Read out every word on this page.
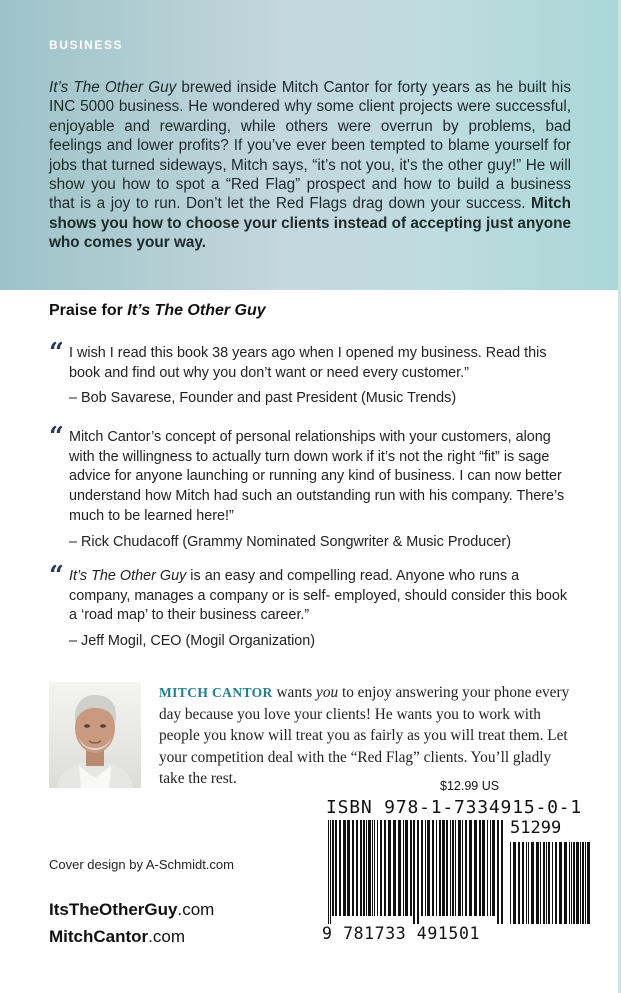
BUSINESS

It’s The Other Guy brewed inside Mitch Cantor for forty years as he built his INC 5000 business. He wondered why some client projects were successful, enjoyable and rewarding, while others were overrun by problems, bad feelings and lower profits? If you’ve ever been tempted to blame yourself for jobs that turned sideways, Mitch says, “it’s not you, it's the other guy!” He will show you how to spot a “Red Flag” prospect and how to build a business that is a joy to run. Don’t let the Red Flags drag down your success. Mitch shows you how to choose your clients instead of accepting just anyone who comes your way.

Praise for It’s The Other Guy

“ I wish I read this book 38 years ago when I opened my business. Read this book and find out why you don’t want or need every customer.”

– Bob Savarese, Founder and past President (Music Trends)

“ Mitch Cantor’s concept of personal relationships with your customers, along with the willingness to actually turn down work if it’s not the right “fit” is sage advice for anyone launching or running any kind of business. I can now better understand how Mitch had such an outstanding run with his company. There’s much to be learned here!”

– Rick Chudacoff (Grammy Nominated Songwriter & Music Producer)

“ It’s The Other Guy is an easy and compelling read. Anyone who runs a company, manages a company or is self- employed, should consider this book a ‘road map’ to their business career.”

– Jeff Mogil, CEO (Mogil Organization)

MITCH CANTOR wants you to enjoy answering your phone every day because you love your clients! He wants you to work with people you know will treat you as fairly as you will treat them. Let your competition deal with the “Red Flag” clients. You’ll gladly take the rest.

Cover design by A-Schmidt.com

ItsTheOtherGuy.com

MitchCantor.com

$12.99 US

ISBN 978-1-7334915-0-1

51299

9 781733 491501
